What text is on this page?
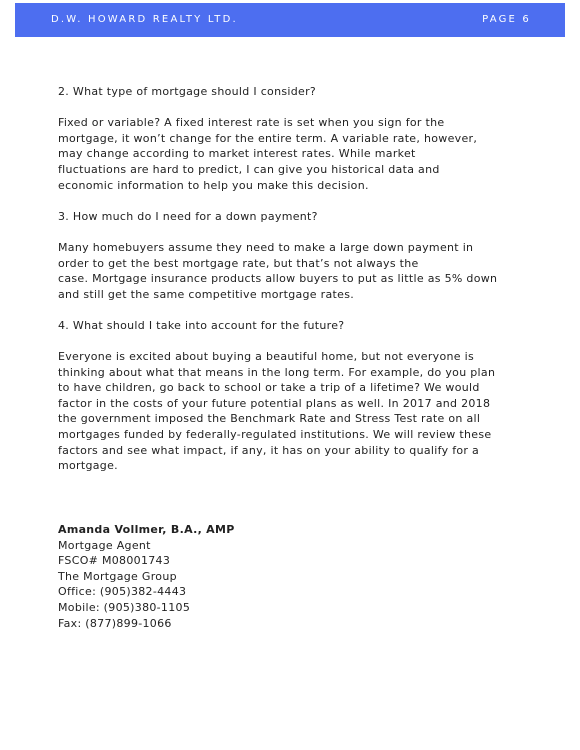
D.W. HOWARD REALTY LTD.	PAGE 6

2. What type of mortgage should I consider?

Fixed or variable? A fixed interest rate is set when you sign for the
mortgage, it won’t change for the entire term. A variable rate, however,
may change according to market interest rates. While market
fluctuations are hard to predict, I can give you historical data and
economic information to help you make this decision.

3. How much do I need for a down payment?

Many homebuyers assume they need to make a large down payment in
order to get the best mortgage rate, but that’s not always the
case. Mortgage insurance products allow buyers to put as little as 5% down
and still get the same competitive mortgage rates.

4. What should I take into account for the future?

Everyone is excited about buying a beautiful home, but not everyone is
thinking about what that means in the long term. For example, do you plan
to have children, go back to school or take a trip of a lifetime? We would
factor in the costs of your future potential plans as well. In 2017 and 2018
the government imposed the Benchmark Rate and Stress Test rate on all
mortgages funded by federally-regulated institutions. We will review these
factors and see what impact, if any, it has on your ability to qualify for a
mortgage.

Amanda Vollmer, B.A., AMP
Mortgage Agent
FSCO# M08001743
The Mortgage Group
Office: (905)382-4443
Mobile: (905)380-1105
Fax: (877)899-1066
